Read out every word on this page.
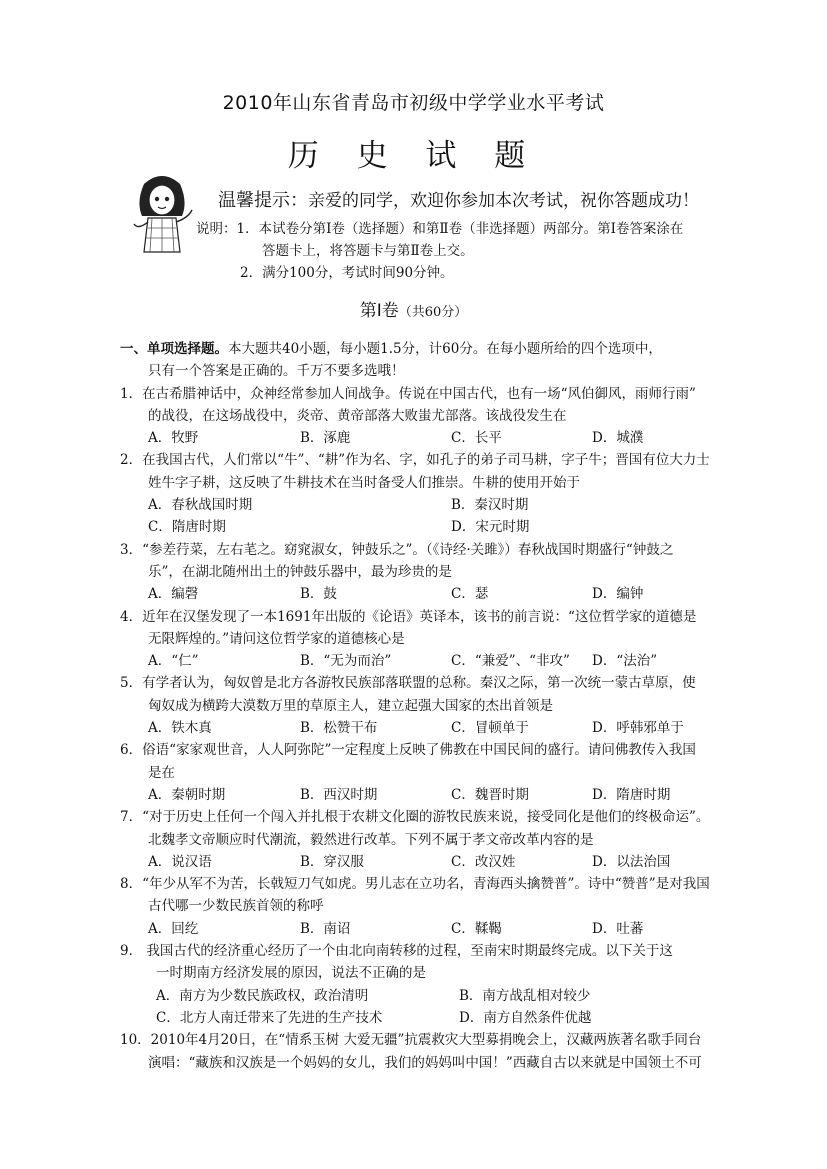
2010年山东省青岛市初级中学学业水平考试
历 史 试 题
温馨提示：亲爱的同学，欢迎你参加本次考试，祝你答题成功！
说明：1．本试卷分第Ⅰ卷（选择题）和第Ⅱ卷（非选择题）两部分。第Ⅰ卷答案涂在
答题卡上，将答题卡与第Ⅱ卷上交。
2．满分100分，考试时间90分钟。
第Ⅰ卷（共60分）
一、单项选择题。本大题共40小题，每小题1.5分，计60分。在每小题所给的四个选项中，
只有一个答案是正确的。千万不要多选哦！
1．在古希腊神话中，众神经常参加人间战争。传说在中国古代，也有一场“风伯御风，雨师行雨”
的战役，在这场战役中，炎帝、黄帝部落大败蚩尤部落。该战役发生在
A．牧野	B．涿鹿	C．长平	D．城濮
2．在我国古代，人们常以“牛”、“耕”作为名、字，如孔子的弟子司马耕，字子牛；晋国有位大力士
姓牛字子耕，这反映了牛耕技术在当时备受人们推崇。牛耕的使用开始于
A．春秋战国时期	B．秦汉时期
C．隋唐时期	D．宋元时期
3．“参差荇菜，左右芼之。窈窕淑女，钟鼓乐之”。（《诗经·关雎》）春秋战国时期盛行“钟鼓之
乐”，在湖北随州出土的钟鼓乐器中，最为珍贵的是
A．编磬	B．鼓	C．瑟	D．编钟
4．近年在汉堡发现了一本1691年出版的《论语》英译本，该书的前言说：“这位哲学家的道德是
无限辉煌的。”请问这位哲学家的道德核心是
A．“仁”	B．“无为而治”	C．“兼爱”、“非攻” D．“法治”
5．有学者认为，匈奴曾是北方各游牧民族部落联盟的总称。秦汉之际，第一次统一蒙古草原，使
匈奴成为横跨大漠数万里的草原主人，建立起强大国家的杰出首领是
A．铁木真	B．松赞干布	C．冒顿单于	D．呼韩邪单于
6．俗语“家家观世音，人人阿弥陀”一定程度上反映了佛教在中国民间的盛行。请问佛教传入我国
是在
A．秦朝时期	B．西汉时期	C．魏晋时期	D．隋唐时期
7．“对于历史上任何一个闯入并扎根于农耕文化圈的游牧民族来说，接受同化是他们的终极命运”。
北魏孝文帝顺应时代潮流，毅然进行改革。下列不属于孝文帝改革内容的是
A．说汉语	B．穿汉服	C．改汉姓	D．以法治国
8．“年少从军不为苦，长戟短刀气如虎。男儿志在立功名，青海西头擒赞普”。诗中“赞普”是对我国
古代哪一少数民族首领的称呼
A．回纥	B．南诏	C．鞣鞨	D．吐蕃
9． 我国古代的经济重心经历了一个由北向南转移的过程，至南宋时期最终完成。以下关于这
一时期南方经济发展的原因，说法不正确的是
A．南方为少数民族政权，政治清明	B．南方战乱相对较少
C．北方人南迁带来了先进的生产技术	D．南方自然条件优越
10．2010年4月20日，在“情系玉树 大爱无疆”抗震救灾大型募捐晚会上，汉藏两族著名歌手同台
演唱：“藏族和汉族是一个妈妈的女儿，我们的妈妈叫中国！”西藏自古以来就是中国领土不可
